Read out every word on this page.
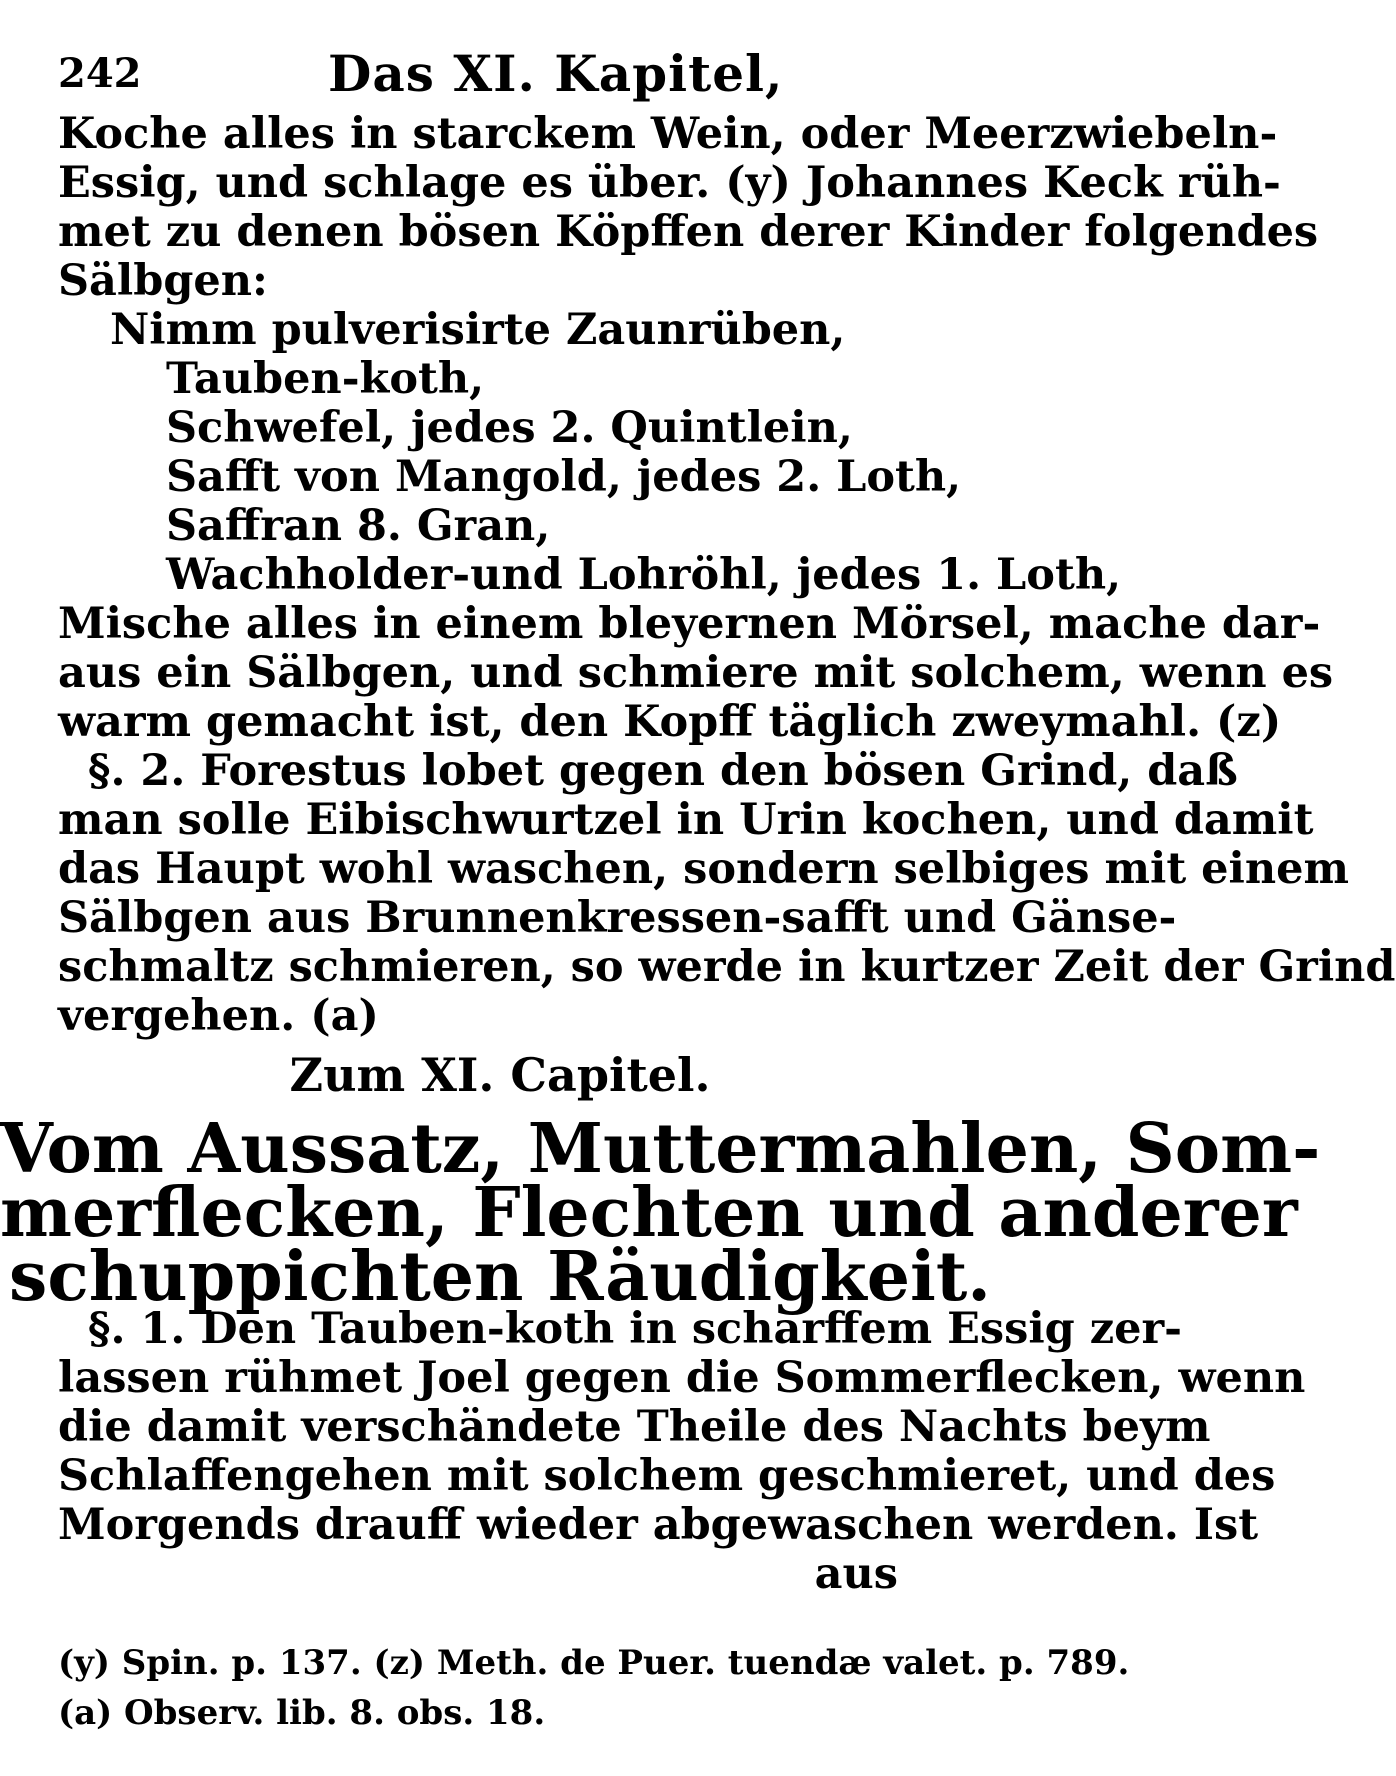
242	Das XI. Kapitel,
Koche alles in starckem Wein, oder Meerzwiebeln-
Essig, und schlage es über. (y) Johannes Keck rüh-
met zu denen bösen Köpffen derer Kinder folgendes
Sälbgen:
Nimm pulverisirte Zaunrüben,
Tauben-koth,
Schwefel, jedes 2. Quintlein,
Safft von Mangold, jedes 2. Loth,
Saffran 8. Gran,
Wachholder-und Lohröhl, jedes 1. Loth,
Mische alles in einem bleyernen Mörsel, mache dar-
aus ein Sälbgen, und schmiere mit solchem, wenn es
warm gemacht ist, den Kopff täglich zweymahl. (z)
§. 2. Forestus lobet gegen den bösen Grind, daß
man solle Eibischwurtzel in Urin kochen, und damit
das Haupt wohl waschen, sondern selbiges mit einem
Sälbgen aus Brunnenkressen-safft und Gänse-
schmaltz schmieren, so werde in kurtzer Zeit der Grind
vergehen. (a)
Zum XI. Capitel.
Vom Aussatz, Muttermahlen, Som-
merflecken, Flechten und anderer
schuppichten Räudigkeit.
§. 1. Den Tauben-koth in scharffem Essig zer-
lassen rühmet Joel gegen die Sommerflecken, wenn
die damit verschändete Theile des Nachts beym
Schlaffengehen mit solchem geschmieret, und des
Morgends drauff wieder abgewaschen werden. Ist
aus
(y) Spin. p. 137. (z) Meth. de Puer. tuendæ valet. p. 789.
(a) Observ. lib. 8. obs. 18.
